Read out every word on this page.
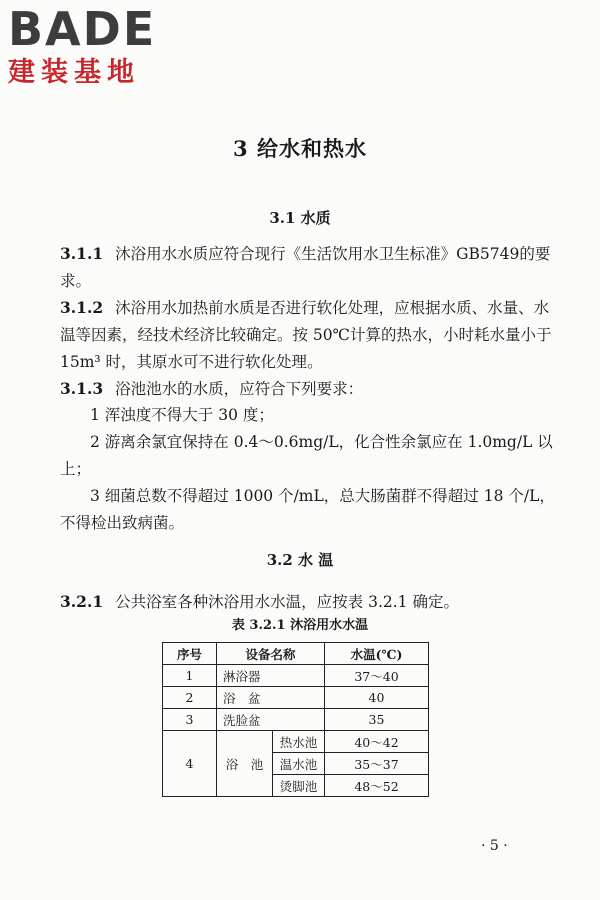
BADE
建装基地
3 给水和热水
3.1 水质

3.1.1 沐浴用水水质应符合现行《生活饮用水卫生标准》GB5749的要求。

3.1.2 沐浴用水加热前水质是否进行软化处理，应根据水质、水量、水温等因素，经技术经济比较确定。按 50℃计算的热水，小时耗水量小于 15m³ 时，其原水可不进行软化处理。

3.1.3 浴池池水的水质，应符合下列要求：

1 浑浊度不得大于 30 度；

2 游离余氯宜保持在 0.4～0.6mg/L，化合性余氯应在 1.0mg/L 以上；

3 细菌总数不得超过 1000 个/mL，总大肠菌群不得超过 18 个/L，不得检出致病菌。

3.2 水 温

3.2.1 公共浴室各种沐浴用水水温，应按表 3.2.1 确定。

表 3.2.1 沐浴用水水温
序号	设备名称		水温(℃)
1	淋浴器		37～40
2	浴　盆		40
3	洗脸盆		35
4	浴　池	热水池	40～42
		温水池	35～37
		烫脚池	48～52
· 5 ·
